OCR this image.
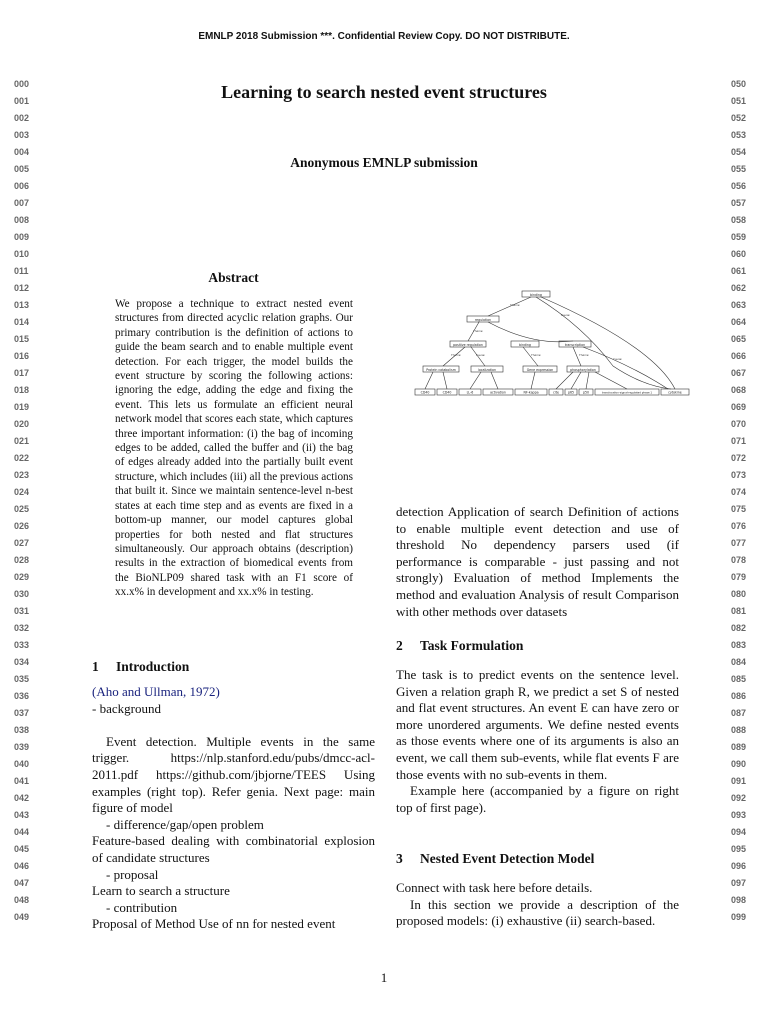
EMNLP 2018 Submission ***. Confidential Review Copy. DO NOT DISTRIBUTE.
000
001
002
003
004
005
006
007
008
009
010
011
012
013
014
015
016
017
018
019
020
021
022
023
024
025
026
027
028
029
030
031
032
033
034
035
036
037
038
039
040
041
042
043
044
045
046
047
048
049
050
051
052
053
054
055
056
057
058
059
060
061
062
063
064
065
066
067
068
069
070
071
072
073
074
075
076
077
078
079
080
081
082
083
084
085
086
087
088
089
090
091
092
093
094
095
096
097
098
099
Learning to search nested event structures
Anonymous EMNLP submission
Abstract
We propose a technique to extract nested event structures from directed acyclic relation graphs. Our primary contribution is the definition of actions to guide the beam search and to enable multiple event detection. For each trigger, the model builds the event structure by scoring the following actions: ignoring the edge, adding the edge and fixing the event. This lets us formulate an efficient neural network model that scores each state, which captures three important information: (i) the bag of incoming edges to be added, called the buffer and (ii) the bag of edges already added into the partially built event structure, which includes (iii) all the previous actions that built it. Since we maintain sentence-level n-best states at each time step and as events are fixed in a bottom-up manner, our model captures global properties for both nested and flat structures simultaneously. Our approach obtains (description) results in the extraction of biomedical events from the BioNLP09 shared task with an F1 score of xx.x% in development and xx.x% in testing.
1 Introduction

(Aho and Ullman, 1972)

- background

Event detection. Multiple events in the same trigger. https://nlp.stanford.edu/pubs/dmcc-acl-2011.pdf https://github.com/jbjorne/TEES Using examples (right top). Refer genia. Next page: main figure of model

- difference/gap/open problem

Feature-based dealing with combinatorial explosion of candidate structures

- proposal

Learn to search a structure

- contribution

Proposal of Method Use of nn for nested event

binding
regulation
positive regulation	binding	transcription
Protein catabolism	localization	Gene expression	phosphorylation
CD40	CD40	LL-6	activation	NF-kappa	cite	p65	p50	translocation-signal-regulated phase 1	cytokine
Theme
Cause
Theme
Theme	Cause	Theme	Theme
Cause

detection Application of search Definition of actions to enable multiple event detection and use of threshold No dependency parsers used (if performance is comparable - just passing and not strongly) Evaluation of method Implements the method and evaluation Analysis of result Comparison with other methods over datasets

2 Task Formulation

The task is to predict events on the sentence level. Given a relation graph R, we predict a set S of nested and flat event structures. An event E can have zero or more unordered arguments. We define nested events as those events where one of its arguments is also an event, we call them sub-events, while flat events F are those events with no sub-events in them.

Example here (accompanied by a figure on right top of first page).

3 Nested Event Detection Model

Connect with task here before details.

In this section we provide a description of the proposed models: (i) exhaustive (ii) search-based.

1
